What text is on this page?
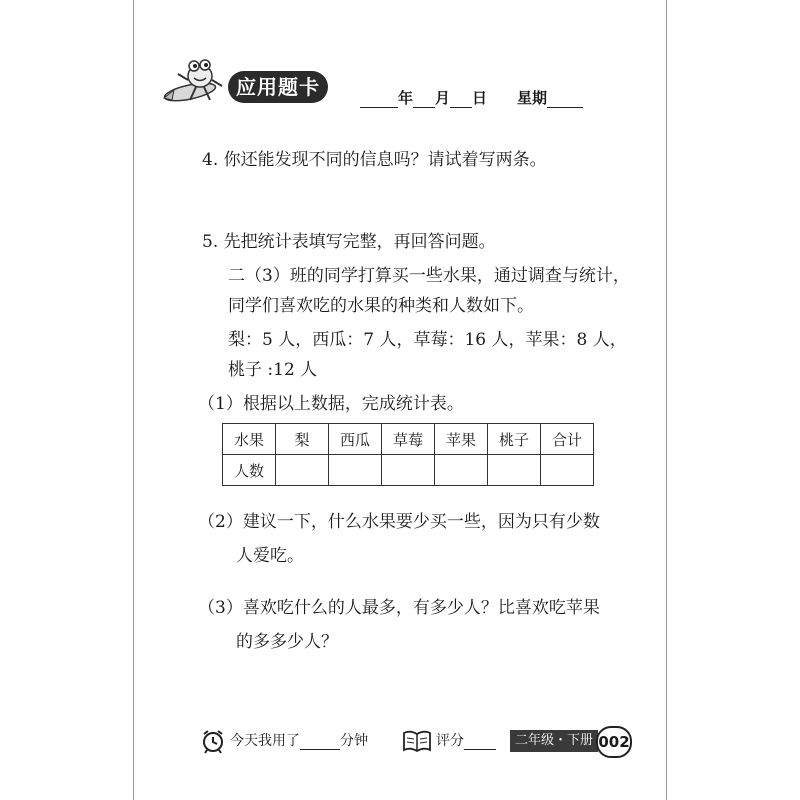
应用题卡	年 月 日 星期
4. 你还能发现不同的信息吗？请试着写两条。
5. 先把统计表填写完整，再回答问题。
二（3）班的同学打算买一些水果，通过调查与统计，
同学们喜欢吃的水果的种类和人数如下。
梨：5 人，西瓜：7 人，草莓：16 人，苹果：8 人，
桃子 :12 人
（1）根据以上数据，完成统计表。
水果	梨	西瓜	草莓	苹果	桃子	合计
人数						
（2）建议一下，什么水果要少买一些，因为只有少数
人爱吃。
（3）喜欢吃什么的人最多，有多少人？比喜欢吃苹果
的多多少人？
今天我用了	分钟	评分	二年级・下册 002
